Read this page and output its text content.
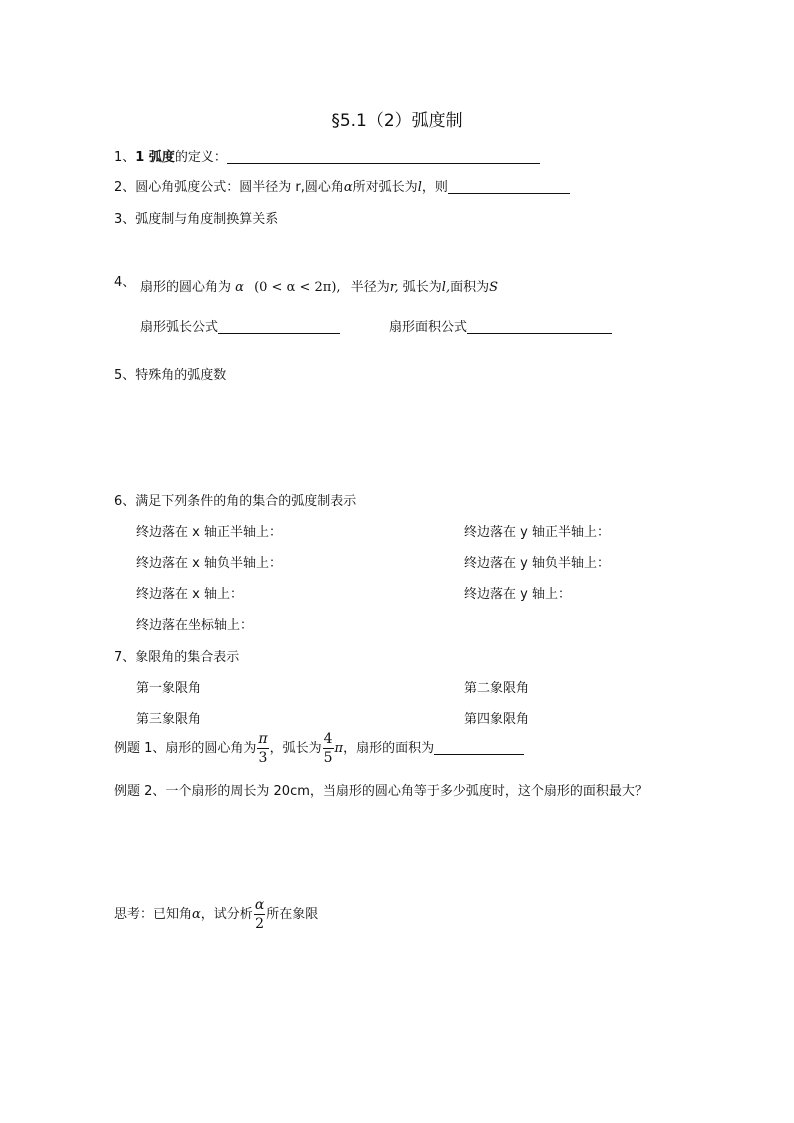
§5.1（2）弧度制
1、1 弧度的定义：
2、圆心角弧度公式：圆半径为 r,圆心角α所对弧长为l，则
3、弧度制与角度制换算关系
4、 扇形的圆心角为 α (0 < α < 2π), 半径为r, 弧长为l,面积为S
扇形弧长公式	扇形面积公式
5、特殊角的弧度数
6、满足下列条件的角的集合的弧度制表示
终边落在 x 轴正半轴上：	终边落在 y 轴正半轴上：
终边落在 x 轴负半轴上：	终边落在 y 轴负半轴上：
终边落在 x 轴上：	终边落在 y 轴上：
终边落在坐标轴上：
7、象限角的集合表示
第一象限角	第二象限角
第三象限角	第四象限角
例题 1、扇形的圆心角为 $\frac{\pi}{3}$ ，弧长为 $\frac{4}{5}$ π，扇形的面积为
例题 2、一个扇形的周长为 20cm，当扇形的圆心角等于多少弧度时，这个扇形的面积最大？
思考：已知角α，试分析 $\frac{\alpha}{2}$ 所在象限
